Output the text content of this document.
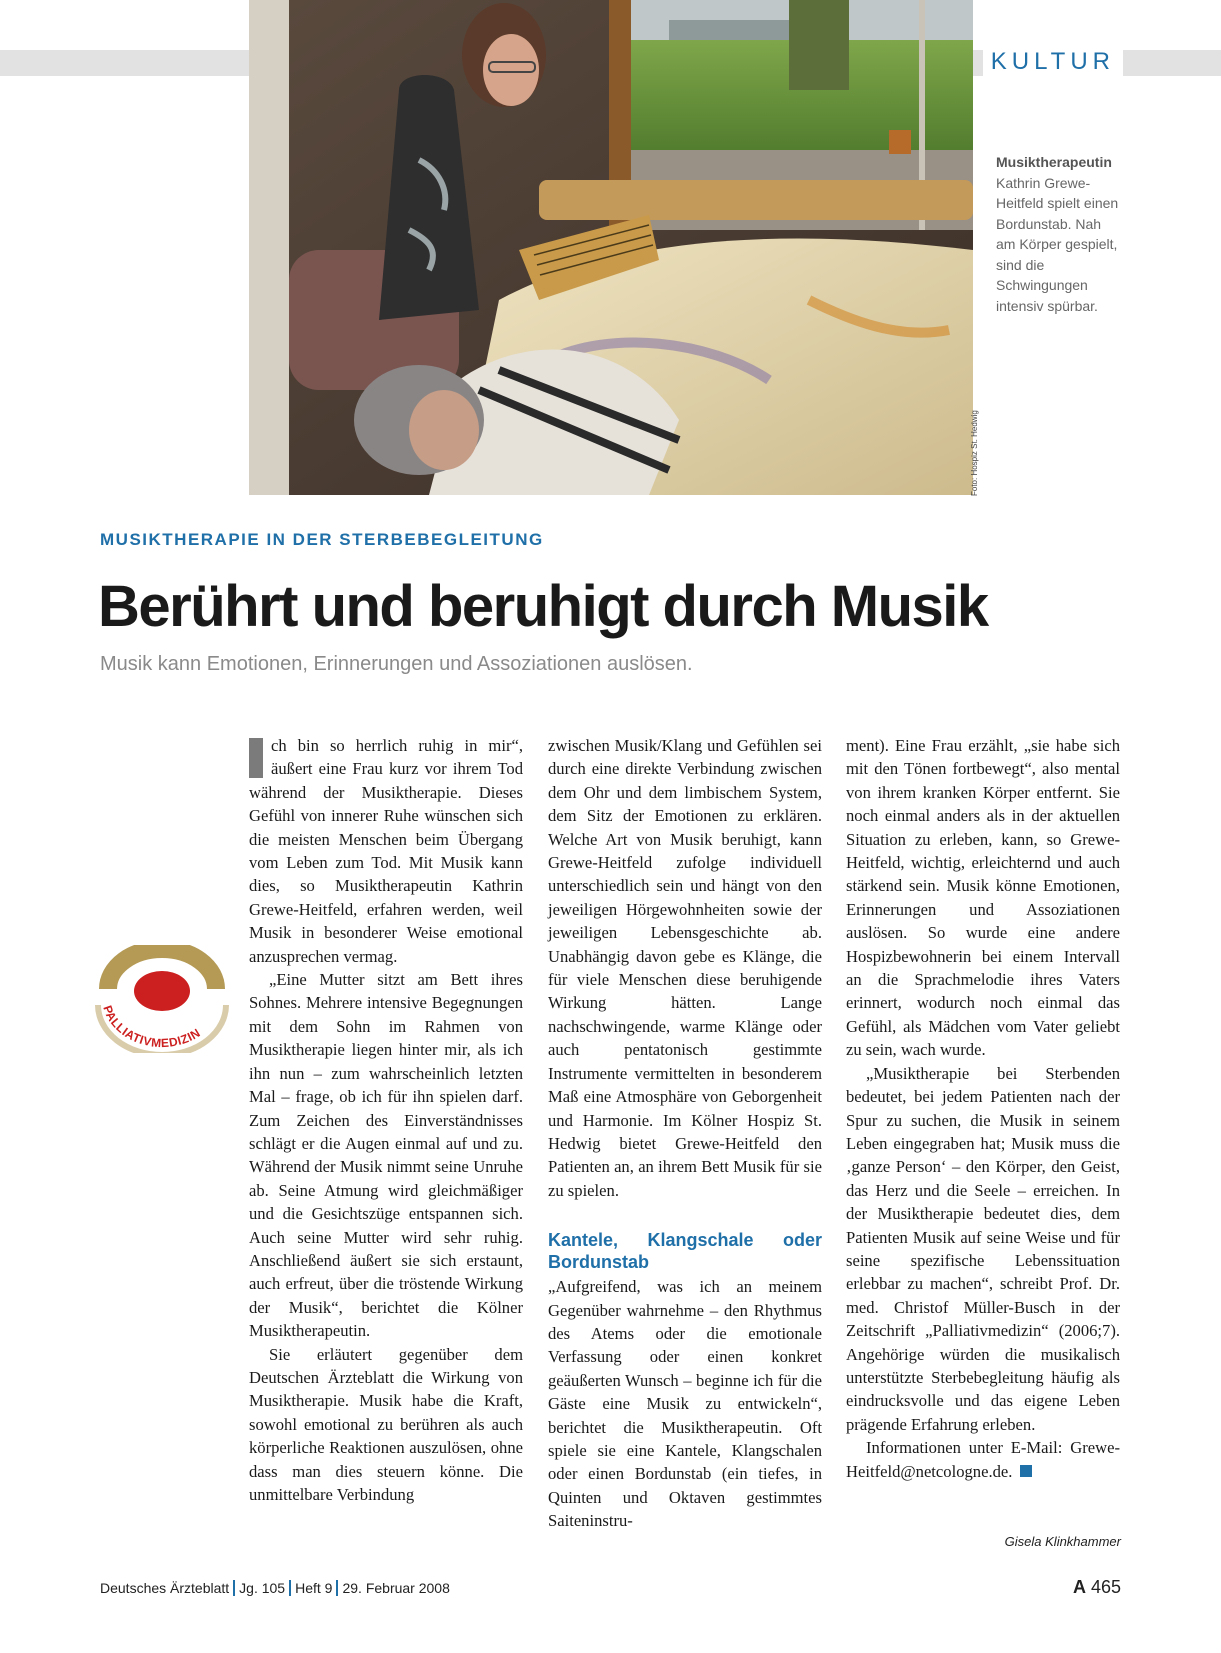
KULTUR
Foto: Hospiz St. Hedwig
Musiktherapeutin
Kathrin Grewe-Heitfeld spielt einen Bordunstab. Nah am Körper gespielt, sind die Schwingungen intensiv spürbar.
MUSIKTHERAPIE IN DER STERBEBEGLEITUNG
Berührt und beruhigt durch Musik
Musik kann Emotionen, Erinnerungen und Assoziationen auslösen.
PALLIATIVMEDIZIN

ch bin so herrlich ruhig in mir“, äußert eine Frau kurz vor ihrem Tod während der Musiktherapie. Dieses Gefühl von innerer Ruhe wünschen sich die meisten Menschen beim Übergang vom Leben zum Tod. Mit Musik kann dies, so Musiktherapeutin Kathrin Grewe-Heitfeld, erfahren werden, weil Musik in besonderer Weise emotional anzusprechen vermag.

„Eine Mutter sitzt am Bett ihres Sohnes. Mehrere intensive Begegnungen mit dem Sohn im Rahmen von Musiktherapie liegen hinter mir, als ich ihn nun – zum wahrscheinlich letzten Mal – frage, ob ich für ihn spielen darf. Zum Zeichen des Einverständnisses schlägt er die Augen einmal auf und zu. Während der Musik nimmt seine Unruhe ab. Seine Atmung wird gleichmäßiger und die Gesichtszüge entspannen sich. Auch seine Mutter wird sehr ruhig. Anschließend äußert sie sich erstaunt, auch erfreut, über die tröstende Wirkung der Musik“, berichtet die Kölner Musiktherapeutin.

Sie erläutert gegenüber dem Deutschen Ärzteblatt die Wirkung von Musiktherapie. Musik habe die Kraft, sowohl emotional zu berühren als auch körperliche Reaktionen auszulösen, ohne dass man dies steuern könne. Die unmittelbare Verbindung

zwischen Musik/Klang und Gefühlen sei durch eine direkte Verbindung zwischen dem Ohr und dem limbischem System, dem Sitz der Emotionen zu erklären. Welche Art von Musik beruhigt, kann Grewe-Heitfeld zufolge individuell unterschiedlich sein und hängt von den jeweiligen Hörgewohnheiten sowie der jeweiligen Lebensgeschichte ab. Unabhängig davon gebe es Klänge, die für viele Menschen diese beruhigende Wirkung hätten. Lange nachschwingende, warme Klänge oder auch pentatonisch gestimmte Instrumente vermittelten in besonderem Maß eine Atmosphäre von Geborgenheit und Harmonie. Im Kölner Hospiz St. Hedwig bietet Grewe-Heitfeld den Patienten an, an ihrem Bett Musik für sie zu spielen.

Kantele, Klangschale oder Bordunstab

„Aufgreifend, was ich an meinem Gegenüber wahrnehme – den Rhythmus des Atems oder die emotionale Verfassung oder einen konkret geäußerten Wunsch – beginne ich für die Gäste eine Musik zu entwickeln“, berichtet die Musiktherapeutin. Oft spiele sie eine Kantele, Klangschalen oder einen Bordunstab (ein tiefes, in Quinten und Oktaven gestimmtes Saiteninstru-

ment). Eine Frau erzählt, „sie habe sich mit den Tönen fortbewegt“, also mental von ihrem kranken Körper entfernt. Sie noch einmal anders als in der aktuellen Situation zu erleben, kann, so Grewe-Heitfeld, wichtig, erleichternd und auch stärkend sein. Musik könne Emotionen, Erinnerungen und Assoziationen auslösen. So wurde eine andere Hospizbewohnerin bei einem Intervall an die Sprachmelodie ihres Vaters erinnert, wodurch noch einmal das Gefühl, als Mädchen vom Vater geliebt zu sein, wach wurde.

„Musiktherapie bei Sterbenden bedeutet, bei jedem Patienten nach der Spur zu suchen, die Musik in seinem Leben eingegraben hat; Musik muss die ‚ganze Person‘ – den Körper, den Geist, das Herz und die Seele – erreichen. In der Musiktherapie bedeutet dies, dem Patienten Musik auf seine Weise und für seine spezifische Lebenssituation erlebbar zu machen“, schreibt Prof. Dr. med. Christof Müller-Busch in der Zeitschrift „Palliativmedizin“ (2006;7). Angehörige würden die musikalisch unterstützte Sterbebegleitung häufig als eindrucksvolle und das eigene Leben prägende Erfahrung erleben.

Informationen unter E-Mail: Grewe-Heitfeld@netcologne.de.

Gisela Klinkhammer
Deutsches Ärzteblatt Jg. 105 Heft 9 29. Februar 2008	A 465
